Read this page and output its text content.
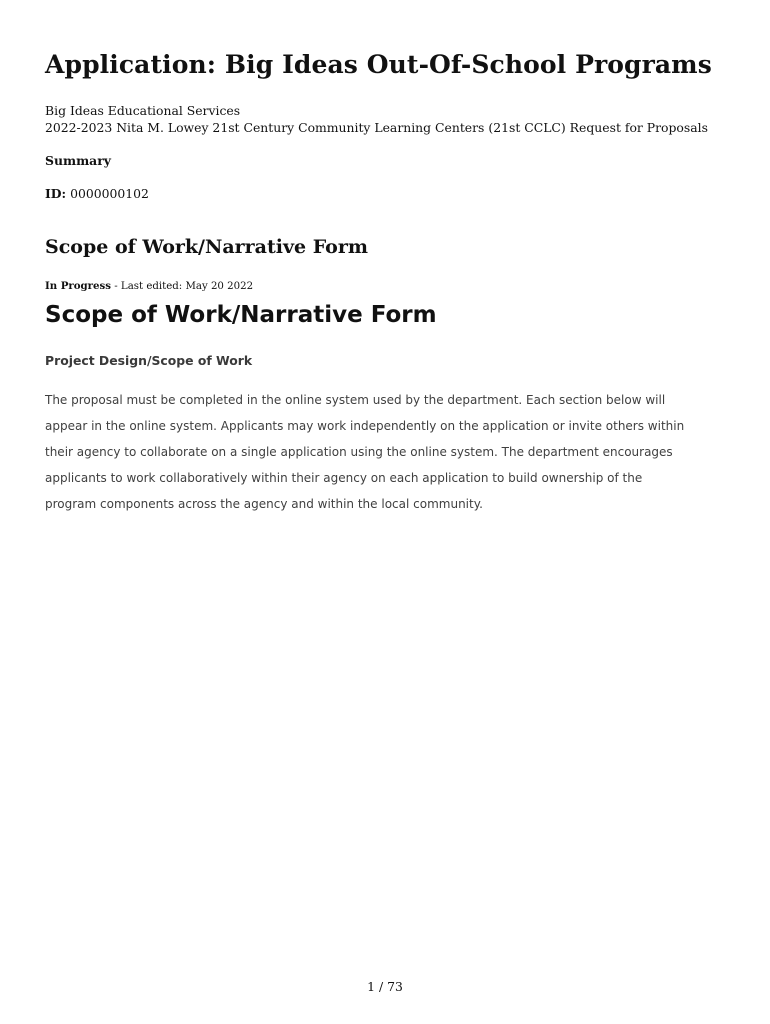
Application: Big Ideas Out-Of-School Programs

Big Ideas Educational Services

2022-2023 Nita M. Lowey 21st Century Community Learning Centers (21st CCLC) Request for Proposals

Summary

ID: 0000000102

Scope of Work/Narrative Form

In Progress - Last edited: May 20 2022

Scope of Work/Narrative Form

Project Design/Scope of Work

The proposal must be completed in the online system used by the department. Each section below will
appear in the online system. Applicants may work independently on the application or invite others within
their agency to collaborate on a single application using the online system. The department encourages
applicants to work collaboratively within their agency on each application to build ownership of the
program components across the agency and within the local community.

1 / 73
